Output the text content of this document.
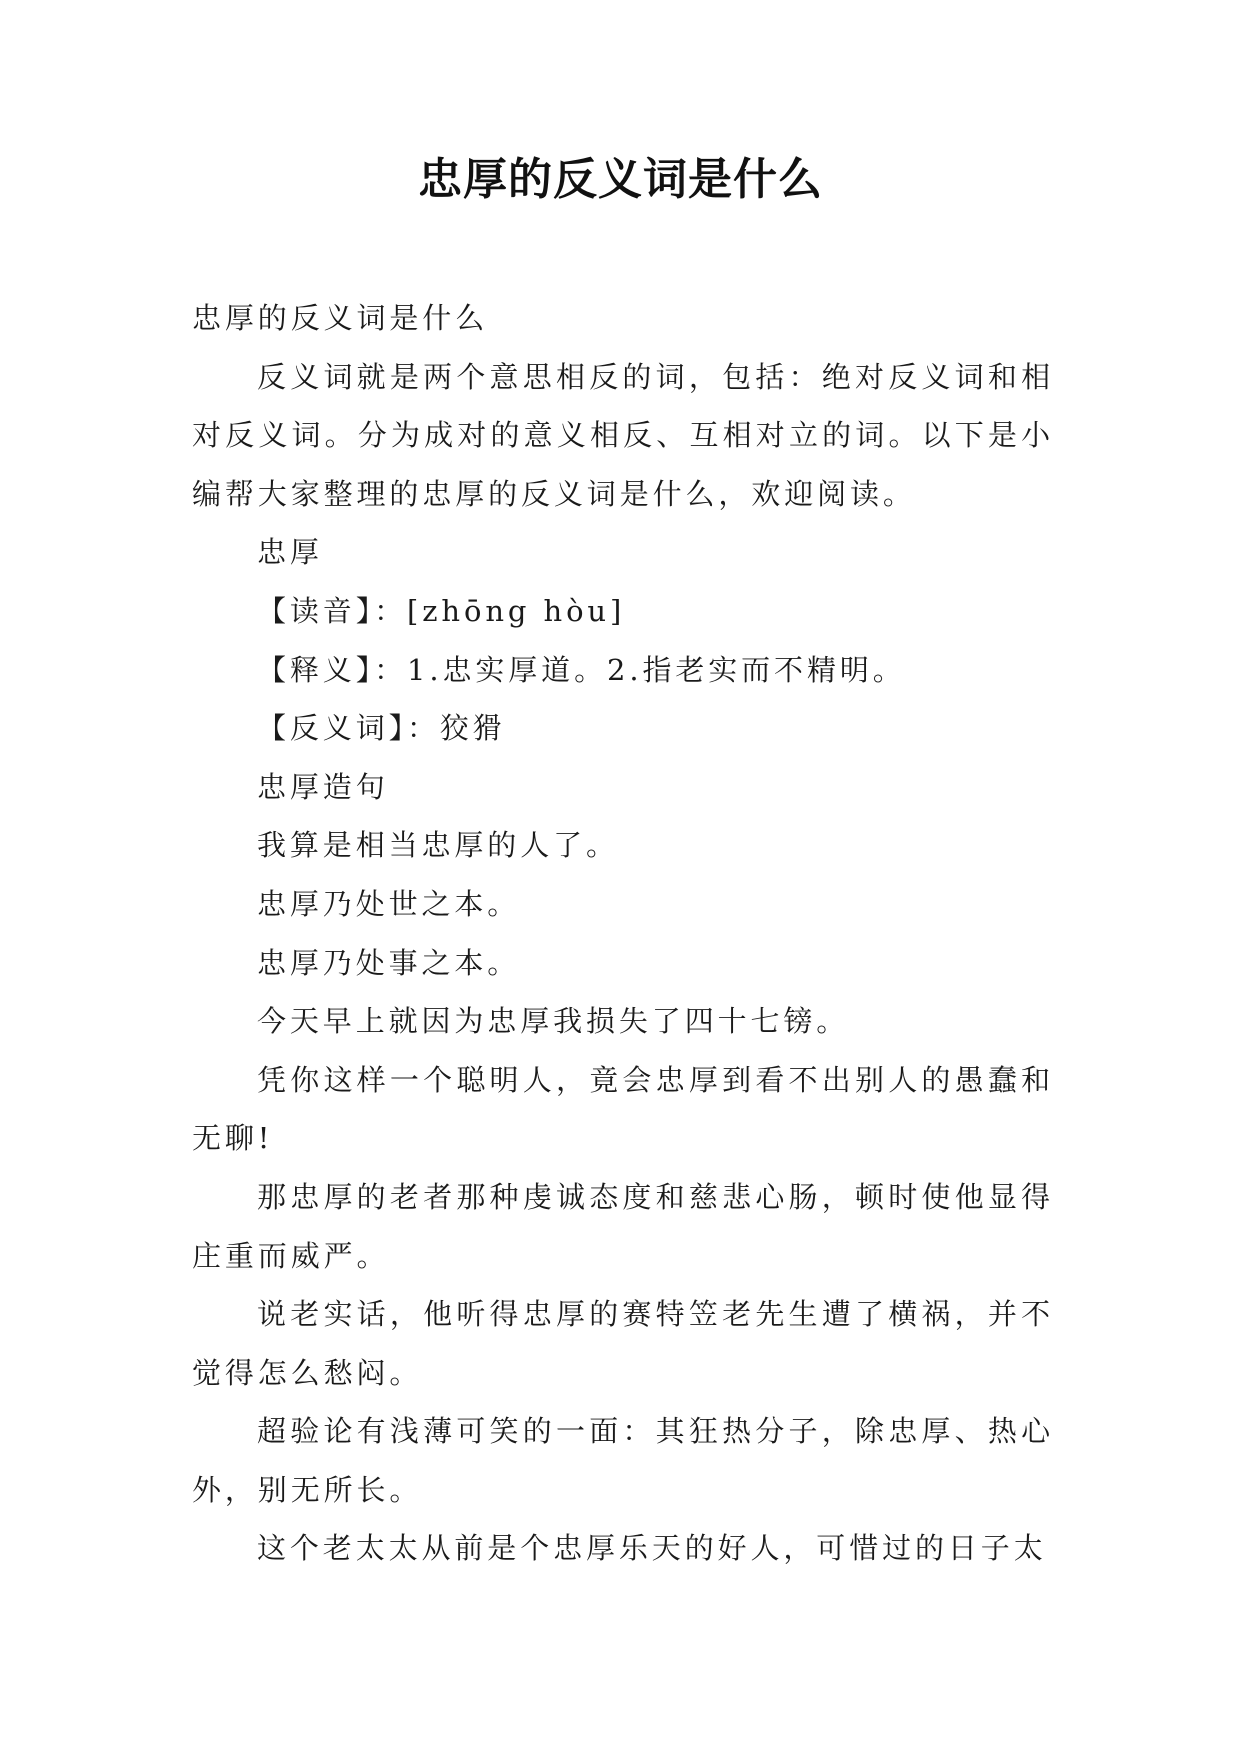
忠厚的反义词是什么

忠厚的反义词是什么

反义词就是两个意思相反的词，包括：绝对反义词和相对反义词。分为成对的意义相反、互相对立的词。以下是小编帮大家整理的忠厚的反义词是什么，欢迎阅读。

忠厚

【读音】：[zhōng hòu]

【释义】：1.忠实厚道。2.指老实而不精明。

【反义词】：狡猾

忠厚造句

我算是相当忠厚的人了。

忠厚乃处世之本。

忠厚乃处事之本。

今天早上就因为忠厚我损失了四十七镑。

凭你这样一个聪明人，竟会忠厚到看不出别人的愚蠢和无聊!

那忠厚的老者那种虔诚态度和慈悲心肠，顿时使他显得庄重而威严。

说老实话，他听得忠厚的赛特笠老先生遭了横祸，并不觉得怎么愁闷。

超验论有浅薄可笑的一面：其狂热分子，除忠厚、热心外，别无所长。

这个老太太从前是个忠厚乐天的好人，可惜过的日子太
